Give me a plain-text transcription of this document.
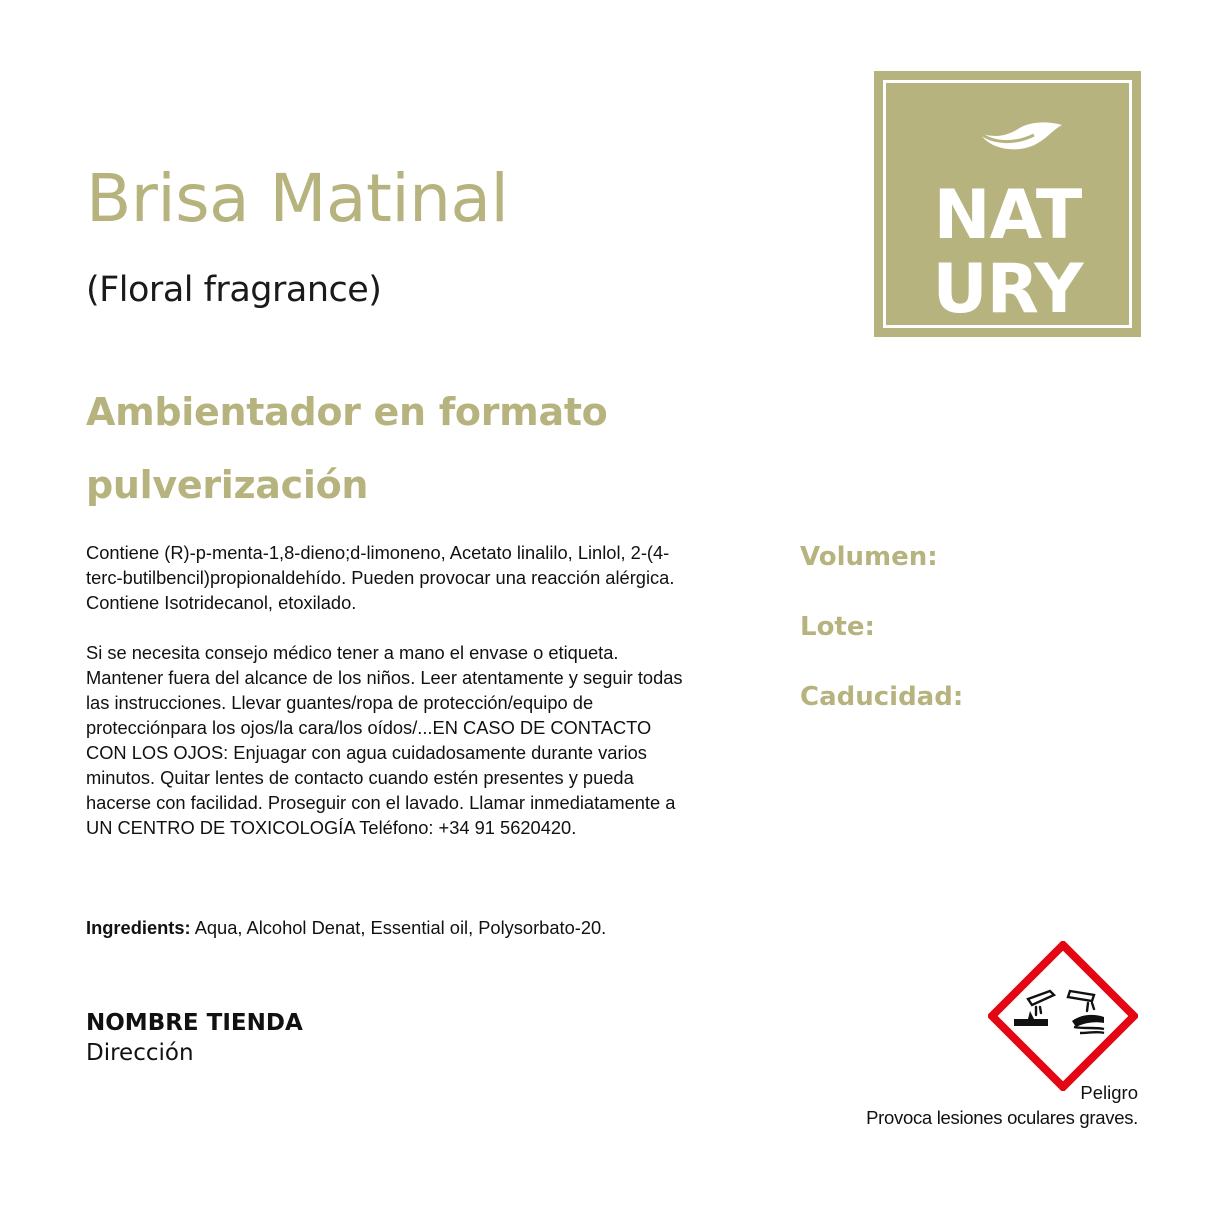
Brisa Matinal
(Floral fragrance)
Ambientador en formato
pulverización
Contiene (R)-p-menta-1,8-dieno;d-limoneno, Acetato linalilo, Linlol, 2-(4-terc-butilbencil)propionaldehído. Pueden provocar una reacción alérgica. Contiene Isotridecanol, etoxilado.
Si se necesita consejo médico tener a mano el envase o etiqueta. Mantener fuera del alcance de los niños. Leer atentamente y seguir todas las instrucciones. Llevar guantes/ropa de protección/equipo de protecciónpara los ojos/la cara/los oídos/...EN CASO DE CONTACTO CON LOS OJOS: Enjuagar con agua cuidadosamente durante varios minutos. Quitar lentes de contacto cuando estén presentes y pueda hacerse con facilidad. Proseguir con el lavado. Llamar inmediatamente a UN CENTRO DE TOXICOLOGÍA Teléfono: +34 91 5620420.
Ingredients: Aqua, Alcohol Denat, Essential oil, Polysorbato-20.
NOMBRE TIENDA
Dirección
Volumen:
Lote:
Caducidad:
NAT
URY
Peligro
Provoca lesiones oculares graves.
